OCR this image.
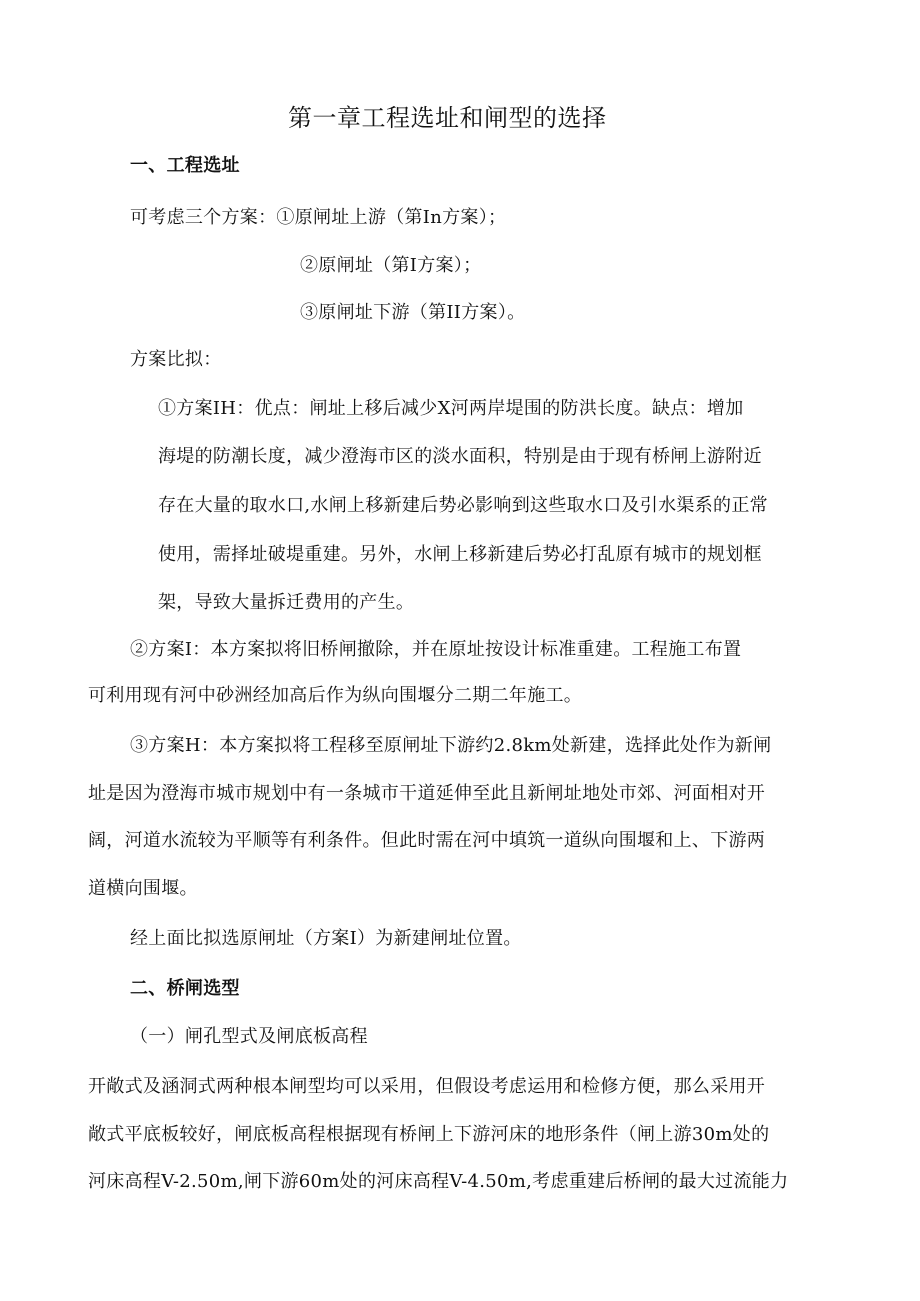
第一章工程选址和闸型的选择
一、工程选址
可考虑三个方案：①原闸址上游（第In方案）；
②原闸址（第I方案）；
③原闸址下游（第II方案）。
方案比拟：
①方案IH：优点：闸址上移后减少X河两岸堤围的防洪长度。缺点：增加
海堤的防潮长度，减少澄海市区的淡水面积，特别是由于现有桥闸上游附近
存在大量的取水口,水闸上移新建后势必影响到这些取水口及引水渠系的正常
使用，需择址破堤重建。另外，水闸上移新建后势必打乱原有城市的规划框
架，导致大量拆迁费用的产生。
②方案I：本方案拟将旧桥闸撤除，并在原址按设计标准重建。工程施工布置
可利用现有河中砂洲经加高后作为纵向围堰分二期二年施工。
③方案H：本方案拟将工程移至原闸址下游约2.8km处新建，选择此处作为新闸
址是因为澄海市城市规划中有一条城市干道延伸至此且新闸址地处市郊、河面相对开
阔，河道水流较为平顺等有利条件。但此时需在河中填筑一道纵向围堰和上、下游两
道横向围堰。
经上面比拟选原闸址（方案I）为新建闸址位置。
二、桥闸选型
（一）闸孔型式及闸底板高程
开敞式及涵洞式两种根本闸型均可以采用，但假设考虑运用和检修方便，那么采用开
敞式平底板较好，闸底板高程根据现有桥闸上下游河床的地形条件（闸上游30m处的
河床高程V-2.50m,闸下游60m处的河床高程V-4.50m,考虑重建后桥闸的最大过流能力
